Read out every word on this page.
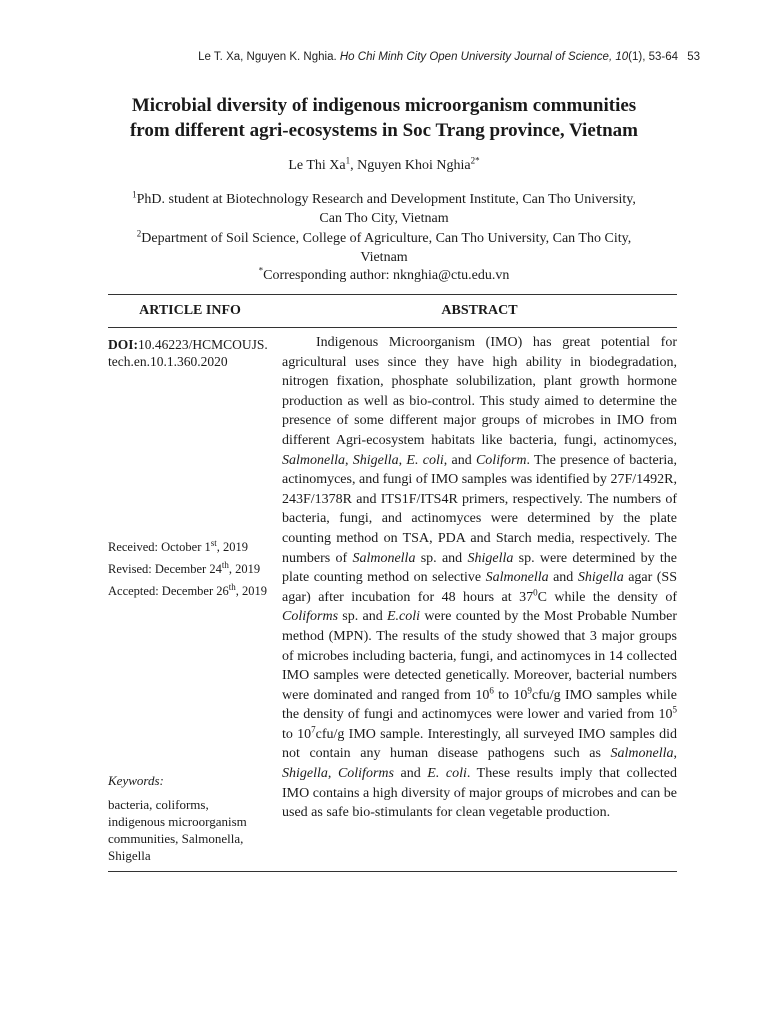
Le T. Xa, Nguyen K. Nghia. Ho Chi Minh City Open University Journal of Science, 10(1), 53-64 53
Microbial diversity of indigenous microorganism communities
from different agri-ecosystems in Soc Trang province, Vietnam
Le Thi Xa$^1$, Nguyen Khoi Nghia$^{2*}$
$^1$PhD. student at Biotechnology Research and Development Institute, Can Tho University,
Can Tho City, Vietnam
$^2$Department of Soil Science, College of Agriculture, Can Tho University, Can Tho City,
Vietnam
*Corresponding author: nknghia@ctu.edu.vn
ARTICLE INFO	ABSTRACT
DOI:10.46223/HCMCOUJS.
tech.en.10.1.360.2020
Received: October 1st, 2019
Revised: December 24th, 2019
Accepted: December 26th, 2019
Keywords:
bacteria, coliforms,
indigenous microorganism
communities, Salmonella,
Shigella

Indigenous Microorganism (IMO) has great potential for agricultural uses since they have high ability in biodegradation, nitrogen fixation, phosphate solubilization, plant growth hormone production as well as bio-control. This study aimed to determine the presence of some different major groups of microbes in IMO from different Agri-ecosystem habitats like bacteria, fungi, actinomyces, Salmonella, Shigella, E. coli, and Coliform. The presence of bacteria, actinomyces, and fungi of IMO samples was identified by 27F/1492R, 243F/1378R and ITS1F/ITS4R primers, respectively. The numbers of bacteria, fungi, and actinomyces were determined by the plate counting method on TSA, PDA and Starch media, respectively. The numbers of Salmonella sp. and Shigella sp. were determined by the plate counting method on selective Salmonella and Shigella agar (SS agar) after incubation for 48 hours at $37^0C$ while the density of Coliforms sp. and E.coli were counted by the Most Probable Number method (MPN). The results of the study showed that 3 major groups of microbes including bacteria, fungi, and actinomyces in 14 collected IMO samples were detected genetically. Moreover, bacterial numbers were dominated and ranged from $10^6$ to $10^9cfu/g$ IMO samples while the density of fungi and actinomyces were lower and varied from $10^5$ to $10^7cfu/g$ IMO sample. Interestingly, all surveyed IMO samples did not contain any human disease pathogens such as Salmonella, Shigella, Coliforms and E. coli. These results imply that collected IMO contains a high diversity of major groups of microbes and can be used as safe bio-stimulants for clean vegetable production.
